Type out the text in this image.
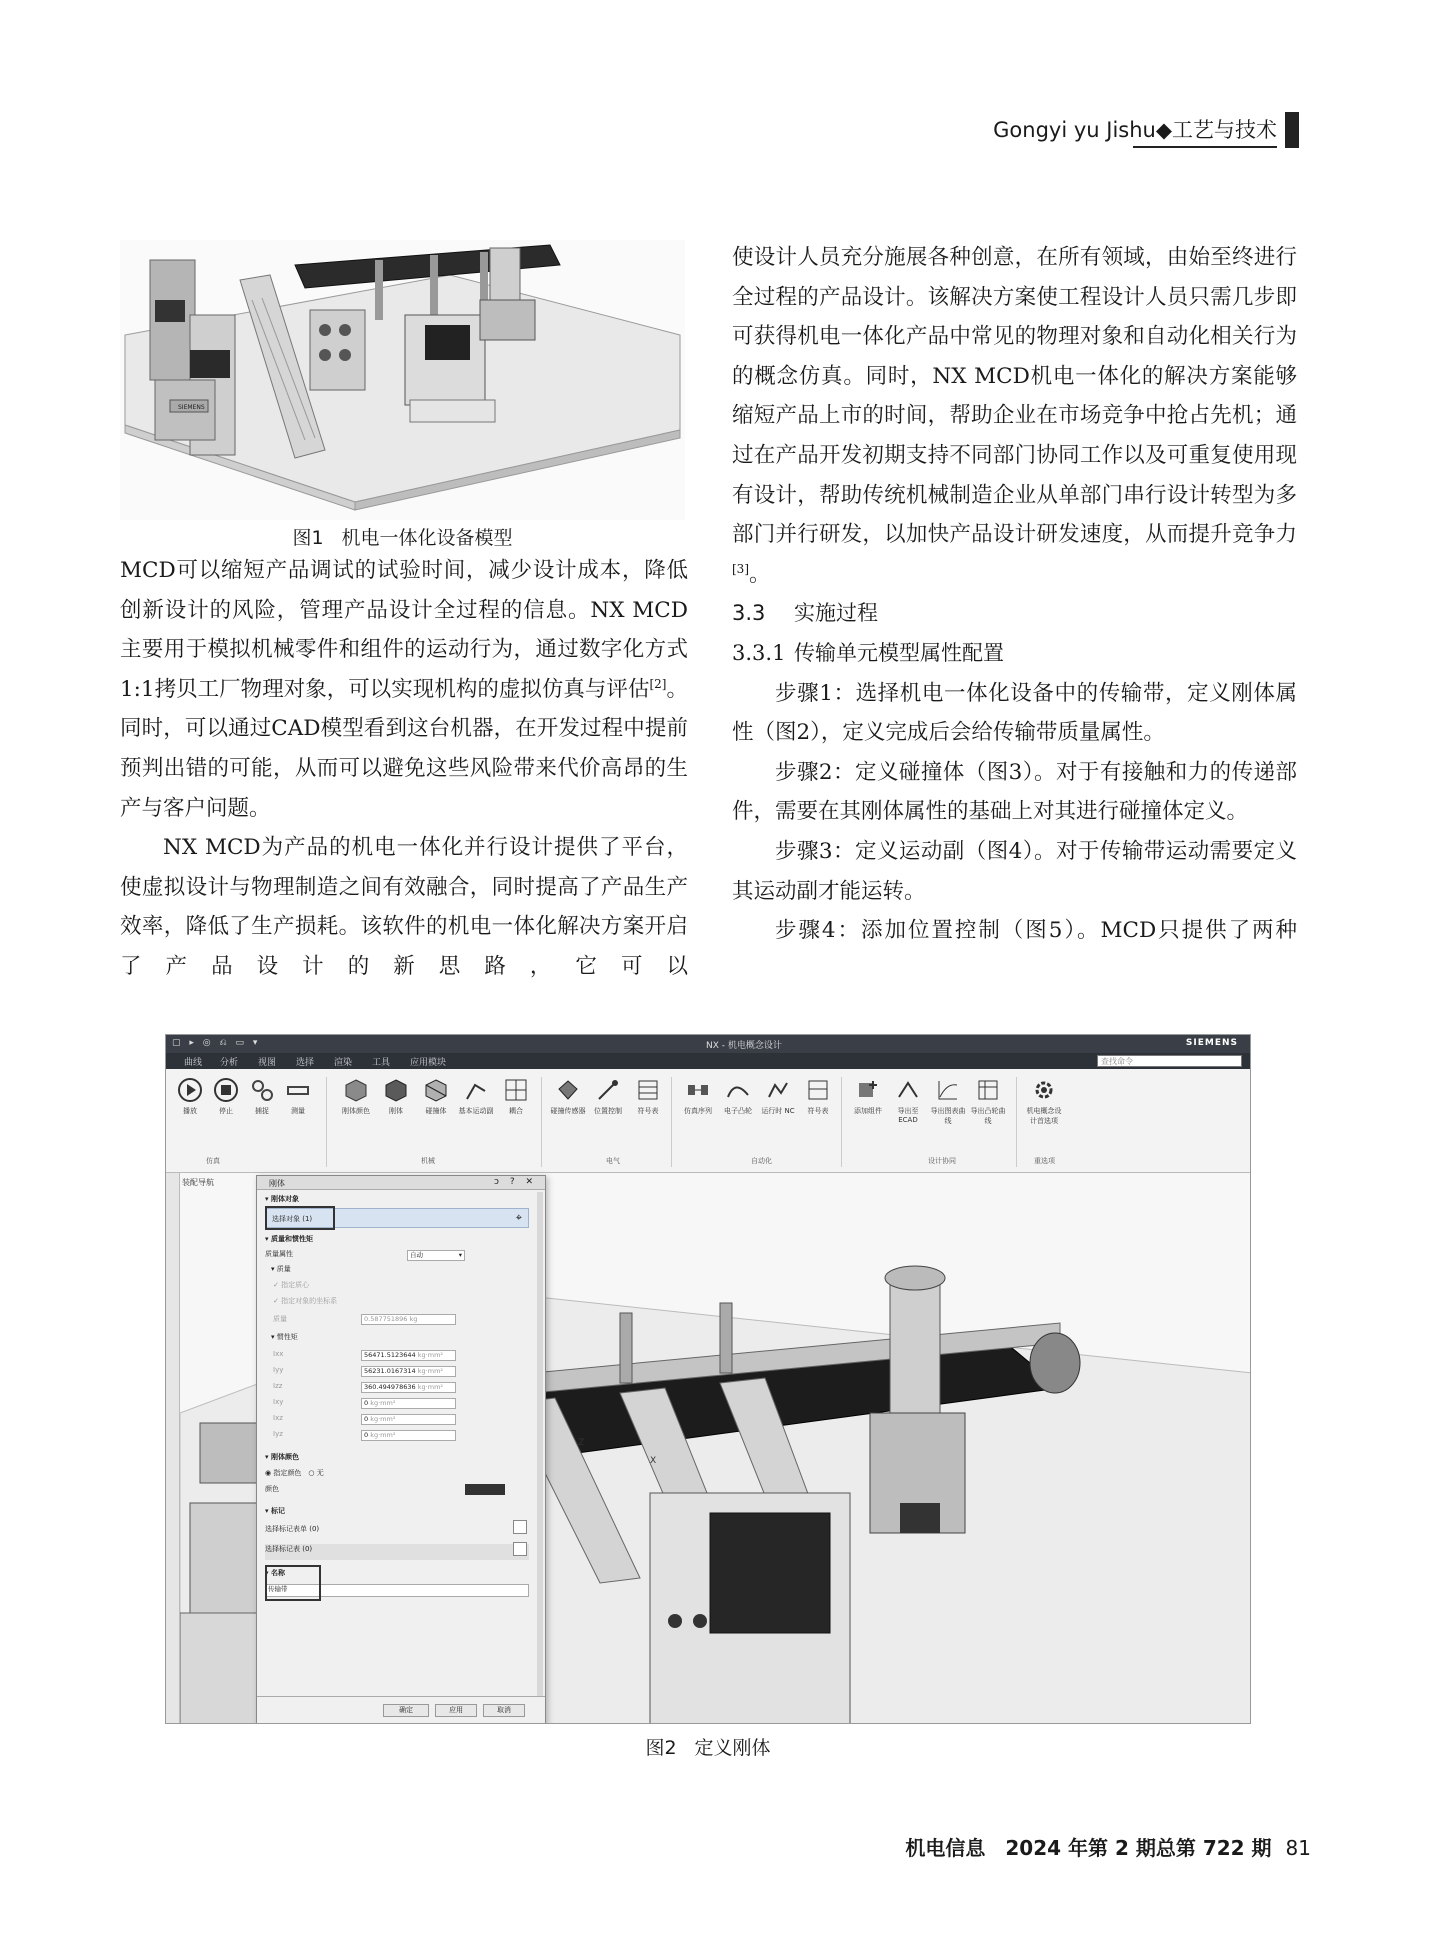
Gongyi yu Jishu◆工艺与技术
SIEMENS
图1 机电一体化设备模型

MCD可以缩短产品调试的试验时间，减少设计成本，降低创新设计的风险，管理产品设计全过程的信息。NX MCD主要用于模拟机械零件和组件的运动行为，通过数字化方式1:1拷贝工厂物理对象，可以实现机构的虚拟仿真与评估[2]。同时，可以通过CAD模型看到这台机器，在开发过程中提前预判出错的可能，从而可以避免这些风险带来代价高昂的生产与客户问题。

NX MCD为产品的机电一体化并行设计提供了平台，使虚拟设计与物理制造之间有效融合，同时提高了产品生产效率，降低了生产损耗。该软件的机电一体化解决方案开启了产品设计的新思路，它可以

使设计人员充分施展各种创意，在所有领域，由始至终进行全过程的产品设计。该解决方案使工程设计人员只需几步即可获得机电一体化产品中常见的物理对象和自动化相关行为的概念仿真。同时，NX MCD机电一体化的解决方案能够缩短产品上市的时间，帮助企业在市场竞争中抢占先机；通过在产品开发初期支持不同部门协同工作以及可重复使用现有设计，帮助传统机械制造企业从单部门串行设计转型为多部门并行研发，以加快产品设计研发速度，从而提升竞争力[3]。

3.3 实施过程

3.3.1 传输单元模型属性配置

步骤1：选择机电一体化设备中的传输带，定义刚体属性（图2），定义完成后会给传输带质量属性。

步骤2：定义碰撞体（图3）。对于有接触和力的传递部件，需要在其刚体属性的基础上对其进行碰撞体定义。

步骤3：定义运动副（图4）。对于传输带运动需要定义其运动副才能运转。

步骤4：添加位置控制（图5）。MCD只提供了两种

▢ ▸ ◎ ⎌ ▭ ▾	NX - 机电概念设计	SIEMENS
曲线 分析 视图 选择 渲染 工具 应用模块	查找命令
播放	停止	捕捉	测量
仿真
刚体颜色	刚体	碰撞体	基本运动副	耦合
机械
碰撞传感器	位置控制	符号表
电气
仿真序列	电子凸轮	运行时 NC	符号表
自动化
添加组件	导出至 ECAD
导出图表曲线
导出凸轮曲线
设计协同
机电概念设计首选项
重选项
Z
X
装配导航	刚体	ɔ ? ✕
▾ 刚体对象
选择对象 (1)	⌖
▾ 质量和惯性矩
质量属性	自动	▾
▾ 质量
✓ 指定质心
✓ 指定对象的坐标系
质量	0.587751896 kg
▾ 惯性矩
Ixx	56471.5123644 kg·mm²
Iyy	56231.0167314 kg·mm²
Izz	360.494978636 kg·mm²
Ixy	0 kg·mm²
Ixz	0 kg·mm²
Iyz	0 kg·mm²
▾ 刚体颜色
◉ 指定颜色　○ 无
颜色
▾ 标记
选择标记表单 (0)
选择标记表 (0)
▾ 名称
传输带
确定	应用	取消
图2 定义刚体
机电信息　2024 年第 2 期总第 722 期 81
